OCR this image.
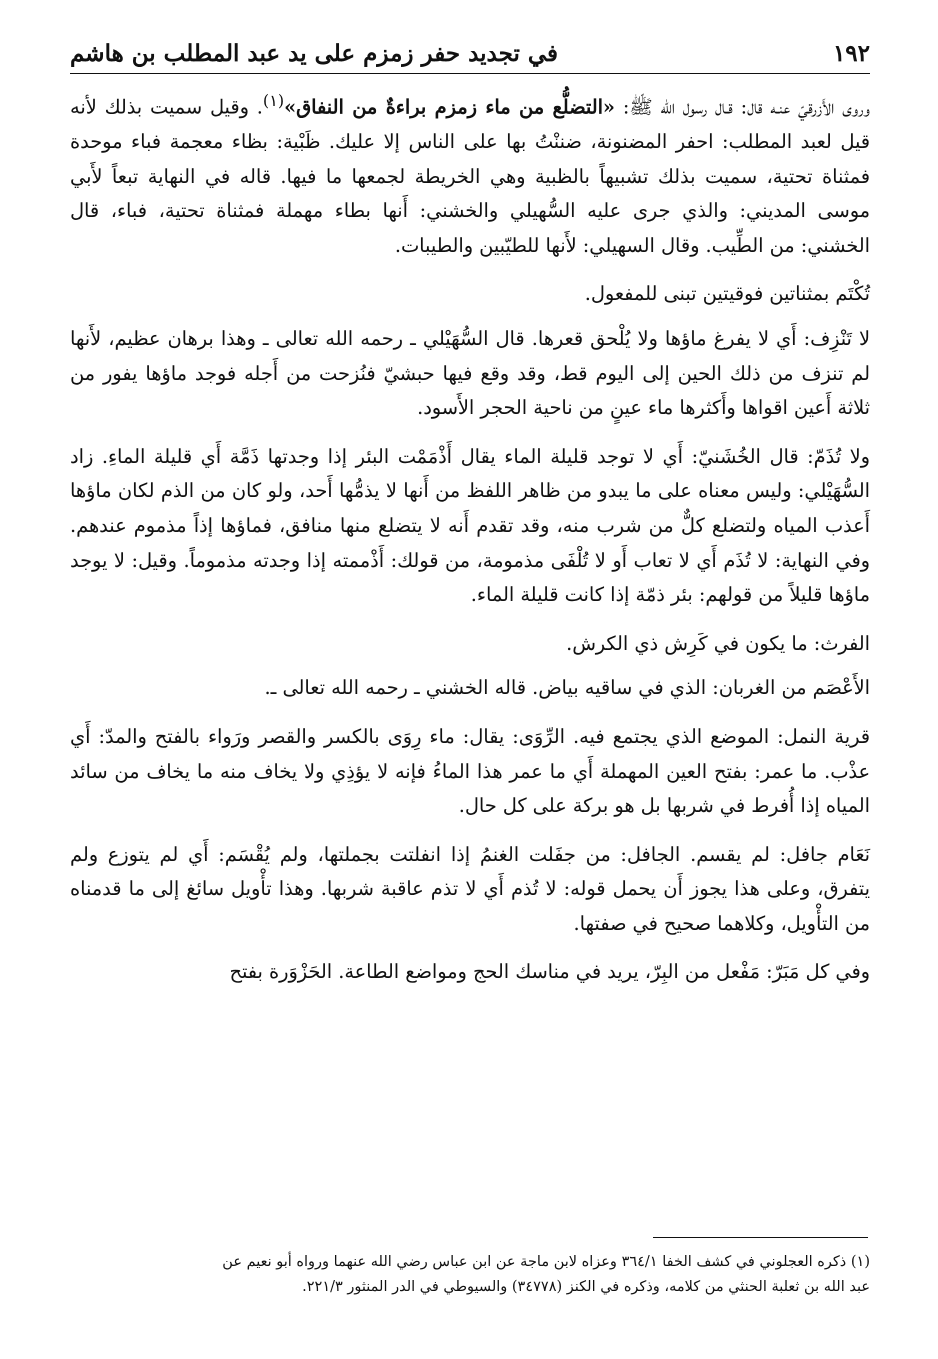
١٩٢
في تجديد حفر زمزم على يد عبد المطلب بن هاشم

وروى الأَزرقيّ عنـه قال: قـال رسول الله ﷺ: «التضلُّع من ماء زمزم براءةٌ من النفاق»$^{(١)}$. وقيل سميت بذلك لأنه قيل لعبد المطلب: احفر المضنونة، ضننْتُ بها على الناس إلا عليك. ظَبْية: بظاء معجمة فباء موحدة فمثناة تحتية، سميت بذلك تشبيهاً بالظبية وهي الخريطة لجمعها ما فيها. قاله في النهاية تبعاً لأَبي موسى المديني: والذي جرى عليه السُّهيلي والخشني: أَنها بطاء مهملة فمثناة تحتية، فباء، قال الخشني: من الطِّيب. وقال السهيلي: لأَنها للطيّبين والطيبات.

تُكْتَم بمثناتين فوقيتين تبنى للمفعول.

لا تَنْزِف: أَي لا يفرغ ماؤها ولا يُلْحق قعرها. قال السُّهَيْلي ـ رحمه الله تعالى ـ وهذا برهان عظيم، لأَنها لم تنزف من ذلك الحين إلى اليوم قط، وقد وقع فيها حبشيّ فنُزحت من أَجله فوجد ماؤها يفور من ثلاثة أَعين اقواها وأَكثرها ماء عينٍ من ناحية الحجر الأَسود.

ولا تُذَمّ: قال الخُشَنيّ: أَي لا توجد قليلة الماء يقال أَذْمَمْت البئر إذا وجدتها ذَمَّة أَي قليلة الماءِ. زاد السُّهَيْلي: وليس معناه على ما يبدو من ظاهر اللفظ من أَنها لا يذمُّها أَحد، ولو كان من الذم لكان ماؤها أَعذب المياه ولتضلع كلٌّ من شرب منه، وقد تقدم أَنه لا يتضلع منها منافق، فماؤها إذاً مذموم عندهم. وفي النهاية: لا تُذَم أَي لا تعاب أَو لا تُلْفَى مذمومة، من قولك: أَذْممته إذا وجدته مذموماً. وقيل: لا يوجد ماؤها قليلاً من قولهم: بئر ذمّة إذا كانت قليلة الماء.

الفرث: ما يكون في كَرِش ذي الكرش.

الأَعْصَم من الغربان: الذي في ساقيه بياض. قاله الخشني ـ رحمه الله تعالى ـ.

قرية النمل: الموضع الذي يجتمع فيه. الرِّوَى: يقال: ماء رِوَى بالكسر والقصر ورَواء بالفتح والمدّ: أَي عذْب. ما عمر: بفتح العين المهملة أَي ما عمر هذا الماءُ فإنه لا يؤذِي ولا يخاف منه ما يخاف من سائد المياه إذا أُفرط في شربها بل هو بركة على كل حال.

نَعَام جافل: لم يقسم. الجافل: من جفَلت الغنمُ إذا انفلتت بجملتها، ولم يُقْسَم: أَي لم يتوزع ولم يتفرق، وعلى هذا يجوز أَن يحمل قوله: لا تُذم أَي لا تذم عاقبة شربها. وهذا تأْويل سائغ إلى ما قدمناه من التأْويل، وكلاهما صحيح في صفتها.

وفي كل مَبَرّ: مَفْعل من البِرّ، يريد في مناسك الحج ومواضع الطاعة. الحَزْوَرة بفتح

(١) ذكره العجلوني في كشف الخفا ٣٦٤/١ وعزاه لابن ماجة عن ابن عباس رضي الله عنهما ورواه أبو نعيم عن
عبد الله بن ثعلبة الحنثي من كلامه، وذكره في الكنز (٣٤٧٧٨) والسيوطي في الدر المنثور ٢٢١/٣.
